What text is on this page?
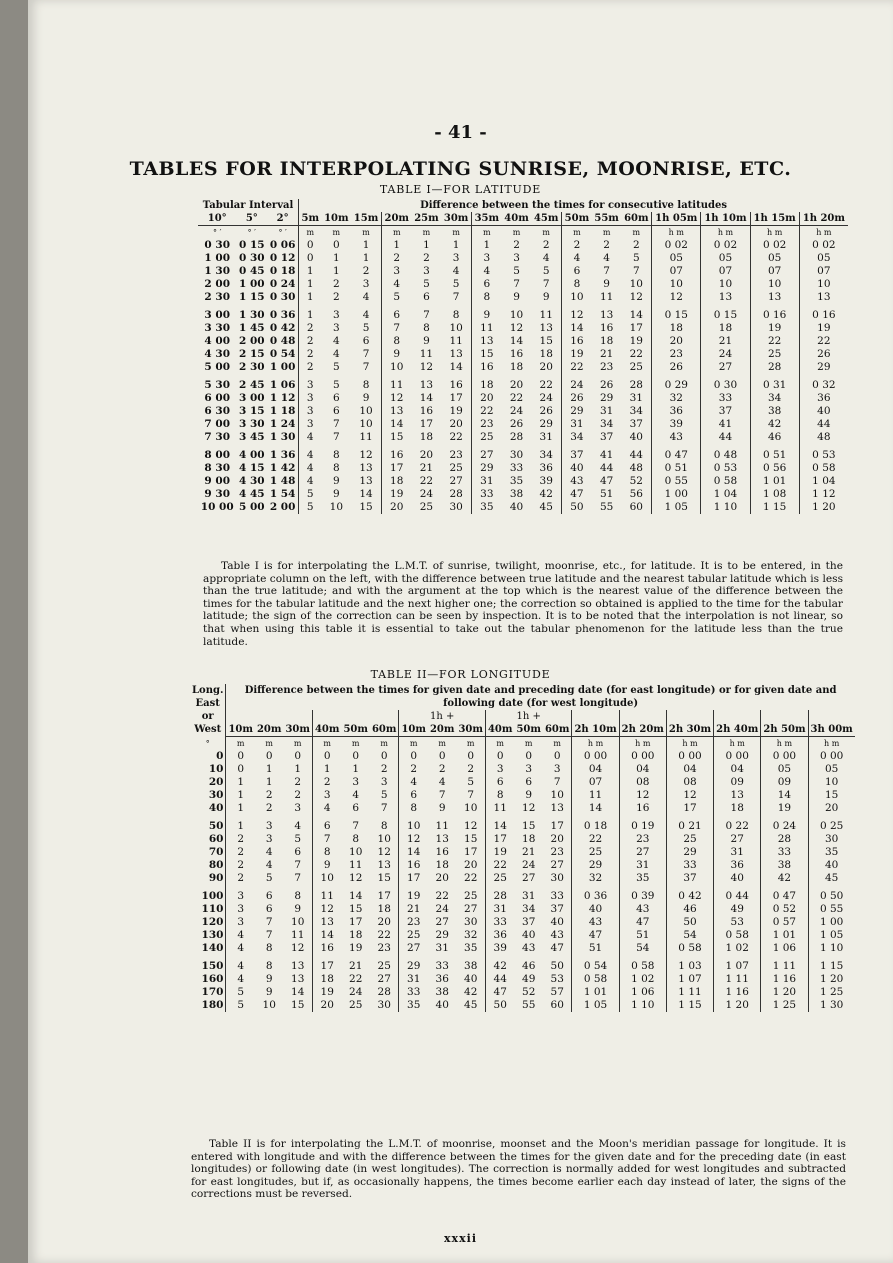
- 41 -
TABLES FOR INTERPOLATING SUNRISE, MOONRISE, ETC.
TABLE I—FOR LATITUDE
Tabular Interval			Difference between the times for consecutive latitudes															
10°	5°	2°	5m	10m	15m	20m	25m	30m	35m	40m	45m	50m	55m	60m	1h 05m	1h 10m	1h 15m	1h 20m
° ′	° ′	° ′	m	m	m	m	m	m	m	m	m	m	m	m	h m	h m	h m	h m
0 30	0 15	0 06	0	0	1	1	1	1	1	2	2	2	2	2	0 02	0 02	0 02	0 02
1 00	0 30	0 12	0	1	1	2	2	3	3	3	4	4	4	5	05	05	05	05
1 30	0 45	0 18	1	1	2	3	3	4	4	5	5	6	7	7	07	07	07	07
2 00	1 00	0 24	1	2	3	4	5	5	6	7	7	8	9	10	10	10	10	10
2 30	1 15	0 30	1	2	4	5	6	7	8	9	9	10	11	12	12	13	13	13

3 00	1 30	0 36	1	3	4	6	7	8	9	10	11	12	13	14	0 15	0 15	0 16	0 16
3 30	1 45	0 42	2	3	5	7	8	10	11	12	13	14	16	17	18	18	19	19
4 00	2 00	0 48	2	4	6	8	9	11	13	14	15	16	18	19	20	21	22	22
4 30	2 15	0 54	2	4	7	9	11	13	15	16	18	19	21	22	23	24	25	26
5 00	2 30	1 00	2	5	7	10	12	14	16	18	20	22	23	25	26	27	28	29

5 30	2 45	1 06	3	5	8	11	13	16	18	20	22	24	26	28	0 29	0 30	0 31	0 32
6 00	3 00	1 12	3	6	9	12	14	17	20	22	24	26	29	31	32	33	34	36
6 30	3 15	1 18	3	6	10	13	16	19	22	24	26	29	31	34	36	37	38	40
7 00	3 30	1 24	3	7	10	14	17	20	23	26	29	31	34	37	39	41	42	44
7 30	3 45	1 30	4	7	11	15	18	22	25	28	31	34	37	40	43	44	46	48

8 00	4 00	1 36	4	8	12	16	20	23	27	30	34	37	41	44	0 47	0 48	0 51	0 53
8 30	4 15	1 42	4	8	13	17	21	25	29	33	36	40	44	48	0 51	0 53	0 56	0 58
9 00	4 30	1 48	4	9	13	18	22	27	31	35	39	43	47	52	0 55	0 58	1 01	1 04
9 30	4 45	1 54	5	9	14	19	24	28	33	38	42	47	51	56	1 00	1 04	1 08	1 12
10 00	5 00	2 00	5	10	15	20	25	30	35	40	45	50	55	60	1 05	1 10	1 15	1 20
Table I is for interpolating the L.M.T. of sunrise, twilight, moonrise, etc., for latitude. It is to be entered, in the appropriate column on the left, with the difference between true latitude and the nearest tabular latitude which is less than the true latitude; and with the argument at the top which is the nearest value of the difference between the times for the tabular latitude and the next higher one; the correction so obtained is applied to the time for the tabular latitude; the sign of the correction can be seen by inspection. It is to be noted that the interpolation is not linear, so that when using this table it is essential to take out the tabular phenomenon for the latitude less than the true latitude.
TABLE II—FOR LONGITUDE
Long. East or West	Difference between the times for given date and preceding date (for east longitude) or for given date and following date (for west longitude)																	
							1h +			1h +								
	10m	20m	30m	40m	50m	60m	10m	20m	30m	40m	50m	60m	2h 10m	2h 20m	2h 30m	2h 40m	2h 50m	3h 00m
°	m	m	m	m	m	m	m	m	m	m	m	m	h m	h m	h m	h m	h m	h m
0	0	0	0	0	0	0	0	0	0	0	0	0	0 00	0 00	0 00	0 00	0 00	0 00
10	0	1	1	1	1	2	2	2	2	3	3	3	04	04	04	04	05	05
20	1	1	2	2	3	3	4	4	5	6	6	7	07	08	08	09	09	10
30	1	2	2	3	4	5	6	7	7	8	9	10	11	12	12	13	14	15
40	1	2	3	4	6	7	8	9	10	11	12	13	14	16	17	18	19	20

50	1	3	4	6	7	8	10	11	12	14	15	17	0 18	0 19	0 21	0 22	0 24	0 25
60	2	3	5	7	8	10	12	13	15	17	18	20	22	23	25	27	28	30
70	2	4	6	8	10	12	14	16	17	19	21	23	25	27	29	31	33	35
80	2	4	7	9	11	13	16	18	20	22	24	27	29	31	33	36	38	40
90	2	5	7	10	12	15	17	20	22	25	27	30	32	35	37	40	42	45

100	3	6	8	11	14	17	19	22	25	28	31	33	0 36	0 39	0 42	0 44	0 47	0 50
110	3	6	9	12	15	18	21	24	27	31	34	37	40	43	46	49	0 52	0 55
120	3	7	10	13	17	20	23	27	30	33	37	40	43	47	50	53	0 57	1 00
130	4	7	11	14	18	22	25	29	32	36	40	43	47	51	54	0 58	1 01	1 05
140	4	8	12	16	19	23	27	31	35	39	43	47	51	54	0 58	1 02	1 06	1 10

150	4	8	13	17	21	25	29	33	38	42	46	50	0 54	0 58	1 03	1 07	1 11	1 15
160	4	9	13	18	22	27	31	36	40	44	49	53	0 58	1 02	1 07	1 11	1 16	1 20
170	5	9	14	19	24	28	33	38	42	47	52	57	1 01	1 06	1 11	1 16	1 20	1 25
180	5	10	15	20	25	30	35	40	45	50	55	60	1 05	1 10	1 15	1 20	1 25	1 30
Table II is for interpolating the L.M.T. of moonrise, moonset and the Moon's meridian passage for longitude. It is entered with longitude and with the difference between the times for the given date and for the preceding date (in east longitudes) or following date (in west longitudes). The correction is normally added for west longitudes and subtracted for east longitudes, but if, as occasionally happens, the times become earlier each day instead of later, the signs of the corrections must be reversed.
xxxii
